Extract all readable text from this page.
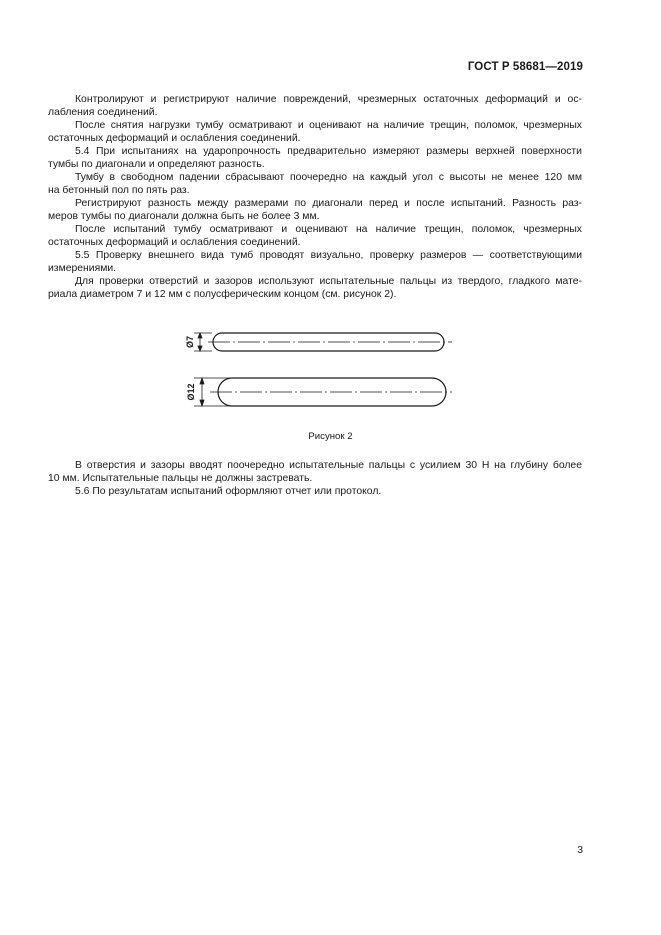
ГОСТ Р 58681—2019

Контролируют и регистрируют наличие повреждений, чрезмерных остаточных деформаций и ос-

лабления соединений.

После снятия нагрузки тумбу осматривают и оценивают на наличие трещин, поломок, чрезмерных

остаточных деформаций и ослабления соединений.

5.4 При испытаниях на ударопрочность предварительно измеряют размеры верхней поверхности

тумбы по диагонали и определяют разность.

Тумбу в свободном падении сбрасывают поочередно на каждый угол с высоты не менее 120 мм

на бетонный пол по пять раз.

Регистрируют разность между размерами по диагонали перед и после испытаний. Разность раз-

меров тумбы по диагонали должна быть не более 3 мм.

После испытаний тумбу осматривают и оценивают на наличие трещин, поломок, чрезмерных

остаточных деформаций и ослабления соединений.

5.5 Проверку внешнего вида тумб проводят визуально, проверку размеров — соответствующими

измерениями.

Для проверки отверстий и зазоров используют испытательные пальцы из твердого, гладкого мате-

риала диаметром 7 и 12 мм с полусферическим концом (см. рисунок 2).

Ø7
Ø12
Рисунок 2

В отверстия и зазоры вводят поочередно испытательные пальцы с усилием 30 Н на глубину более

10 мм. Испытательные пальцы не должны застревать.

5.6 По результатам испытаний оформляют отчет или протокол.

3
